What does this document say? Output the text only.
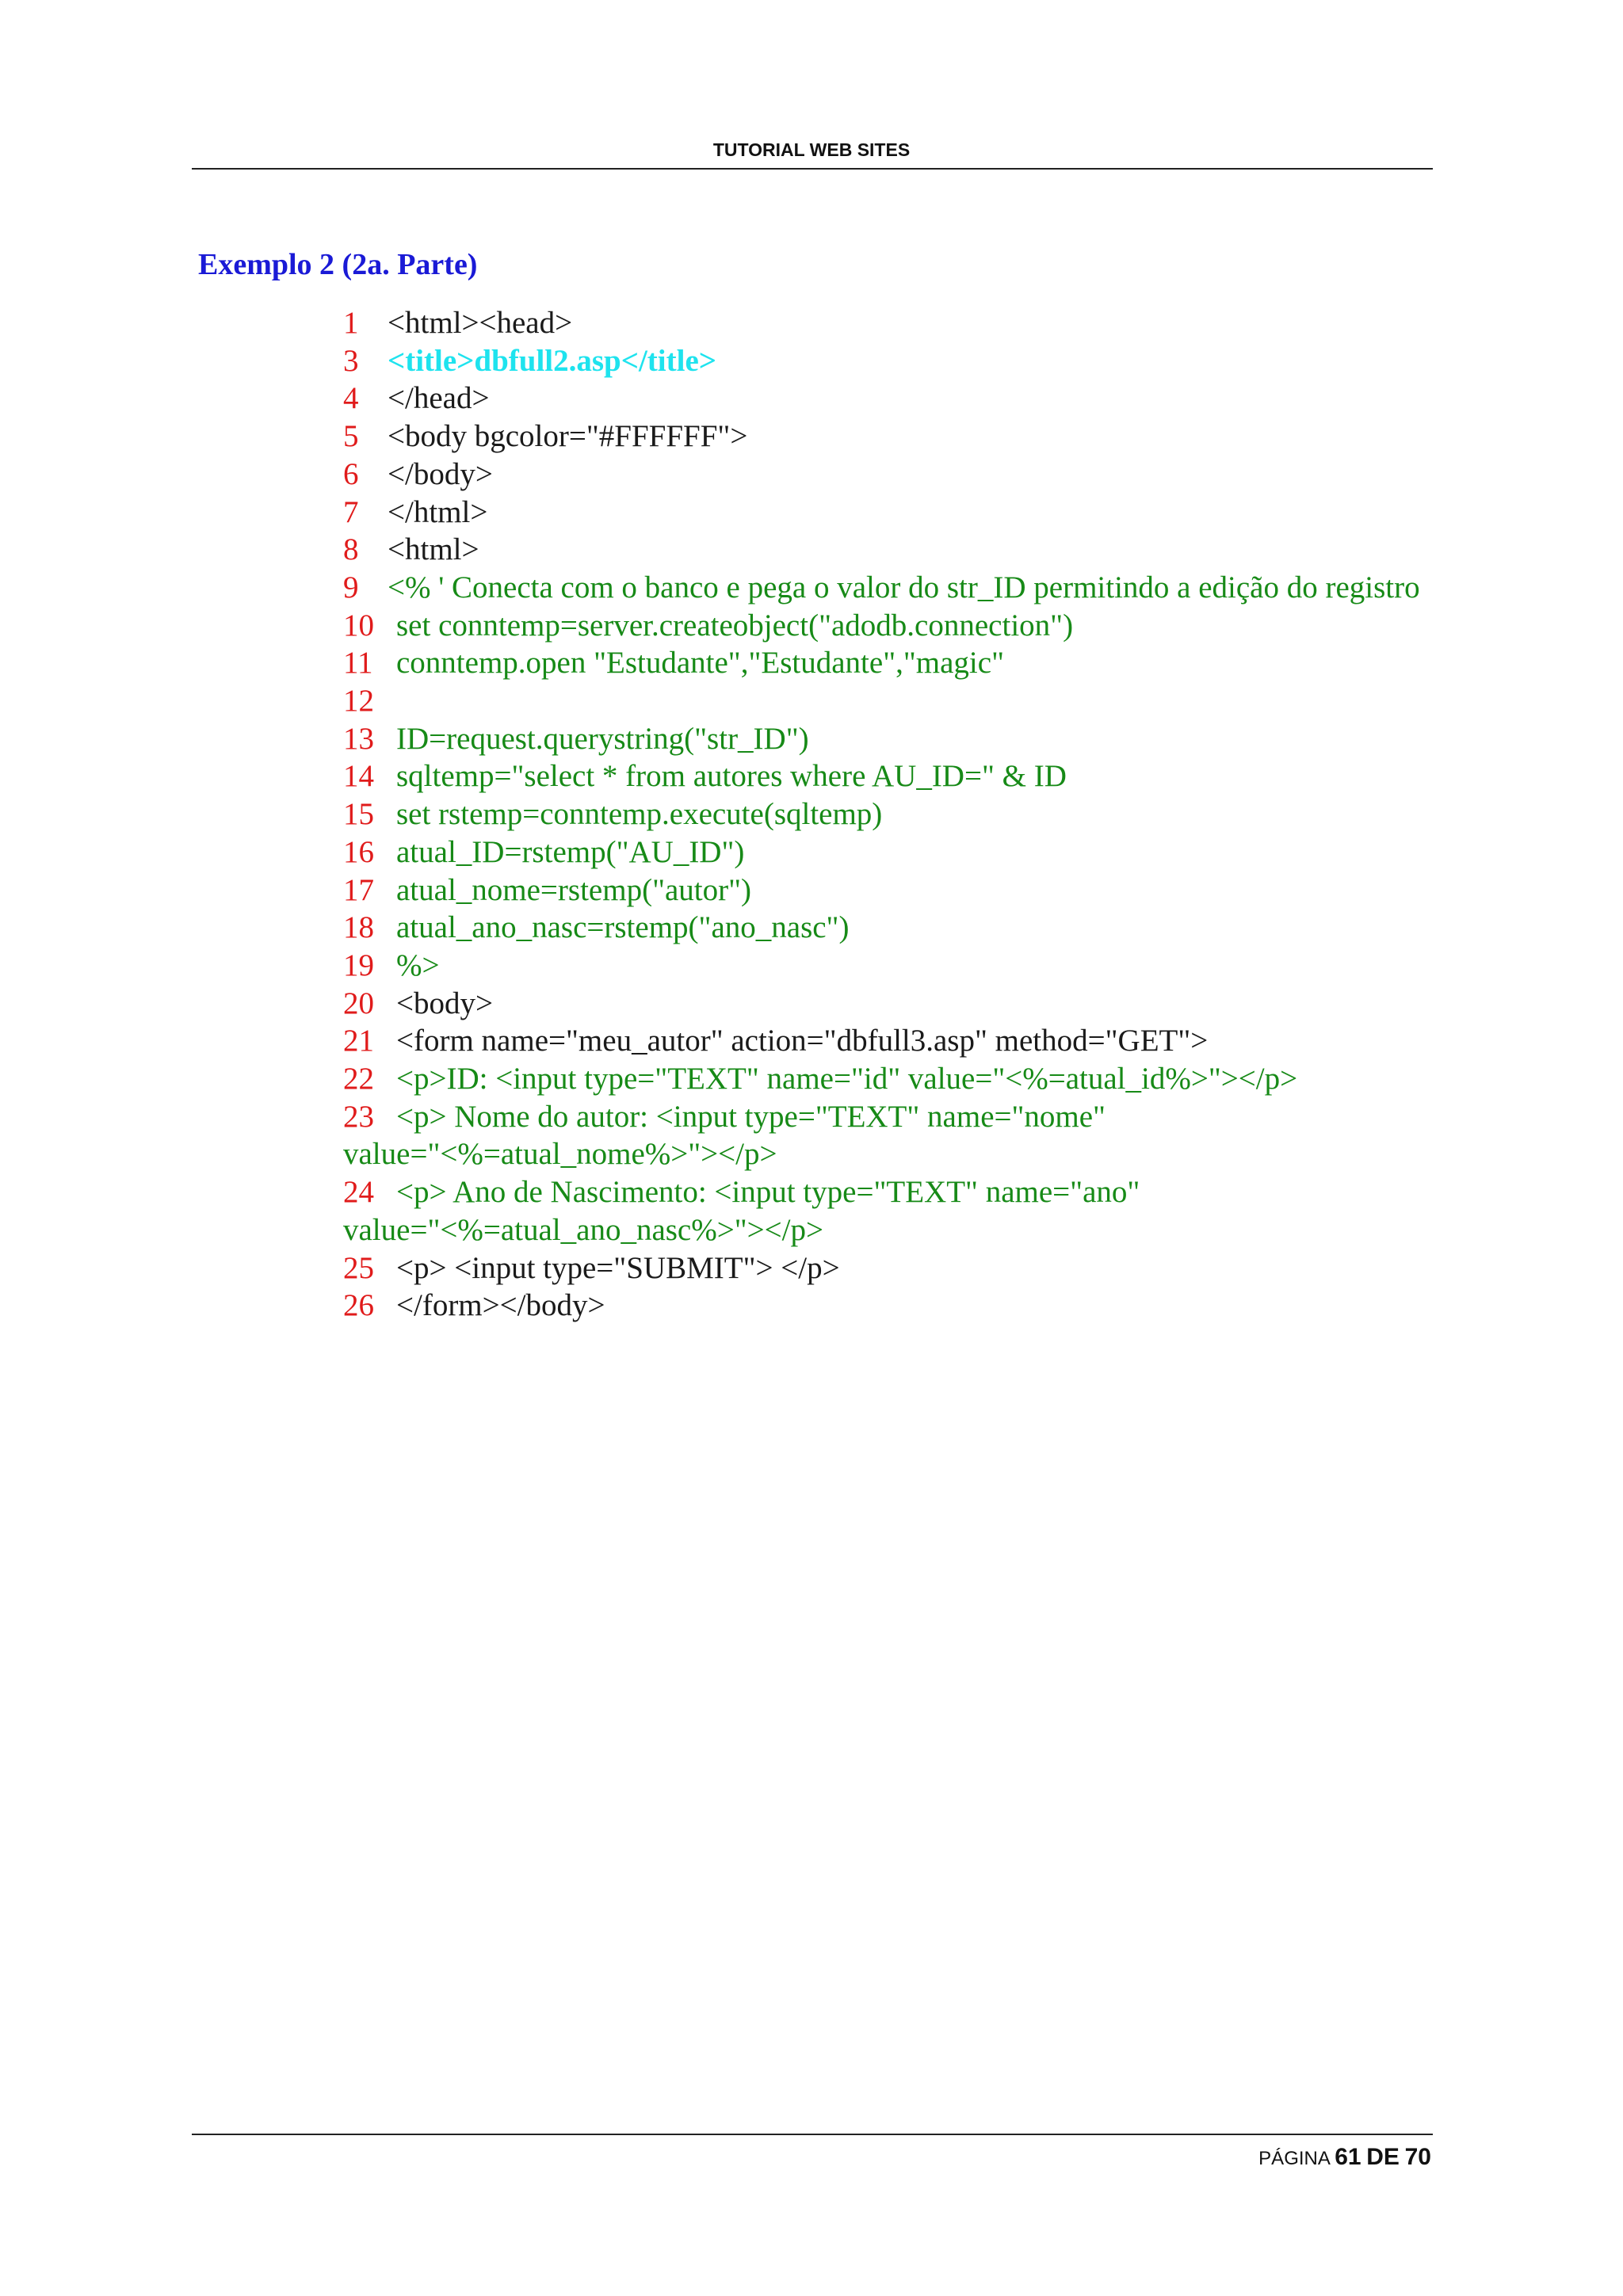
TUTORIAL WEB SITES
Exemplo 2 (2a. Parte)
1 <html><head>
3 <title>dbfull2.asp</title>
4 </head>
5 <body bgcolor="#FFFFFF">
6 </body>
7 </html>
8 <html>
9 <% ' Conecta com o banco e pega o valor do str_ID permitindo a edição do registro
10 set conntemp=server.createobject("adodb.connection")
11 conntemp.open "Estudante","Estudante","magic"
12
13 ID=request.querystring("str_ID")
14 sqltemp="select * from autores where AU_ID=" & ID
15 set rstemp=conntemp.execute(sqltemp)
16 atual_ID=rstemp("AU_ID")
17 atual_nome=rstemp("autor")
18 atual_ano_nasc=rstemp("ano_nasc")
19 %>
20 <body>
21 <form name="meu_autor" action="dbfull3.asp" method="GET">
22 <p>ID: <input type="TEXT" name="id" value="<%=atual_id%>"></p>
23 <p> Nome do autor: <input type="TEXT" name="nome"
value="<%=atual_nome%>"></p>
24 <p> Ano de Nascimento: <input type="TEXT" name="ano"
value="<%=atual_ano_nasc%>"></p>
25 <p> <input type="SUBMIT"> </p>
26 </form></body>
PÁGINA 61 DE 70
